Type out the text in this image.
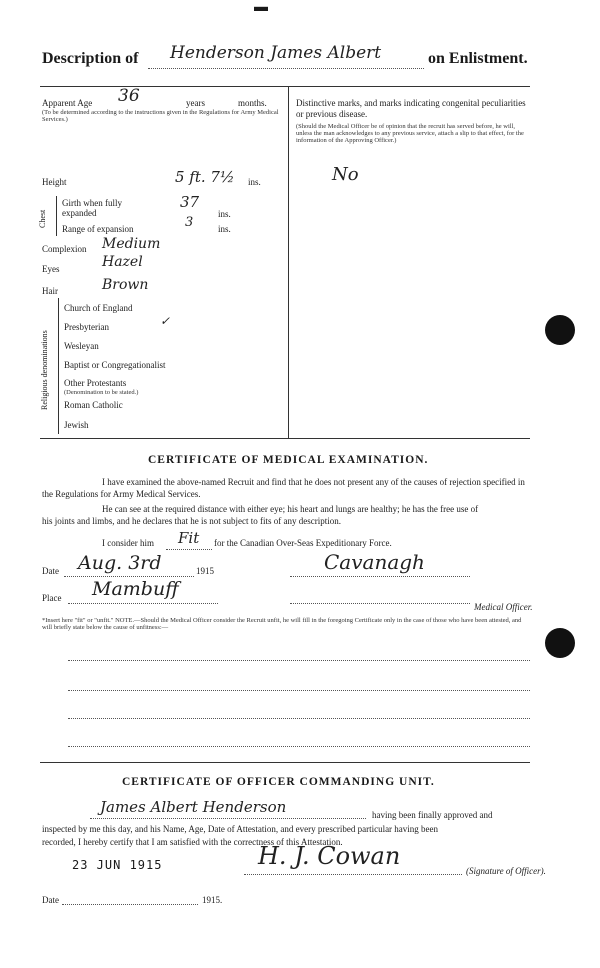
▬
Description of Henderson James Albert	on Enlistment.
Apparent Age 36	years	months.
(To be determined according to the instructions given in the Regulations for Army Medical Services.)
Height	5 ft. 7½ ins.
Chest
Girth when fully expanded
37
ins.
Range of expansion	3	ins.
Complexion Medium
Eyes	Hazel
Hair	Brown
Religious denominations
Church of England
Presbyterian	✓
Wesleyan
Baptist or Congregationalist
Other Protestants
(Denomination to be stated.)
Roman Catholic
Jewish
Distinctive marks, and marks indicating congenital peculiarities or previous disease.
(Should the Medical Officer be of opinion that the recruit has served before, he will, unless the man acknowledges to any previous service, attach a slip to that effect, for the information of the Approving Officer.)
No
CERTIFICATE OF MEDICAL EXAMINATION.
I have examined the above-named Recruit and find that he does not present any of the causes of rejection specified in the Regulations for Army Medical Services.
He can see at the required distance with either eye; his heart and lungs are healthy; he has the free use of
his joints and limbs, and he declares that he is not subject to fits of any description.
I consider him Fit for the Canadian Over-Seas Expeditionary Force.
Date Aug. 3rd	1915	Cavanagh
Place Mambuff
Medical Officer.
*Insert here "fit" or "unfit." NOTE.—Should the Medical Officer consider the Recruit unfit, he will fill in the foregoing Certificate only in the case of those who have been attested, and will briefly state below the cause of unfitness:—
CERTIFICATE OF OFFICER COMMANDING UNIT.
James Albert Henderson	having been finally approved and
inspected by me this day, and his Name, Age, Date of Attestation, and every prescribed particular having been
recorded, I hereby certify that I am satisfied with the correctness of this Attestation.
23 JUN 1915	H. J. Cowan
(Signature of Officer).
Date	1915.
